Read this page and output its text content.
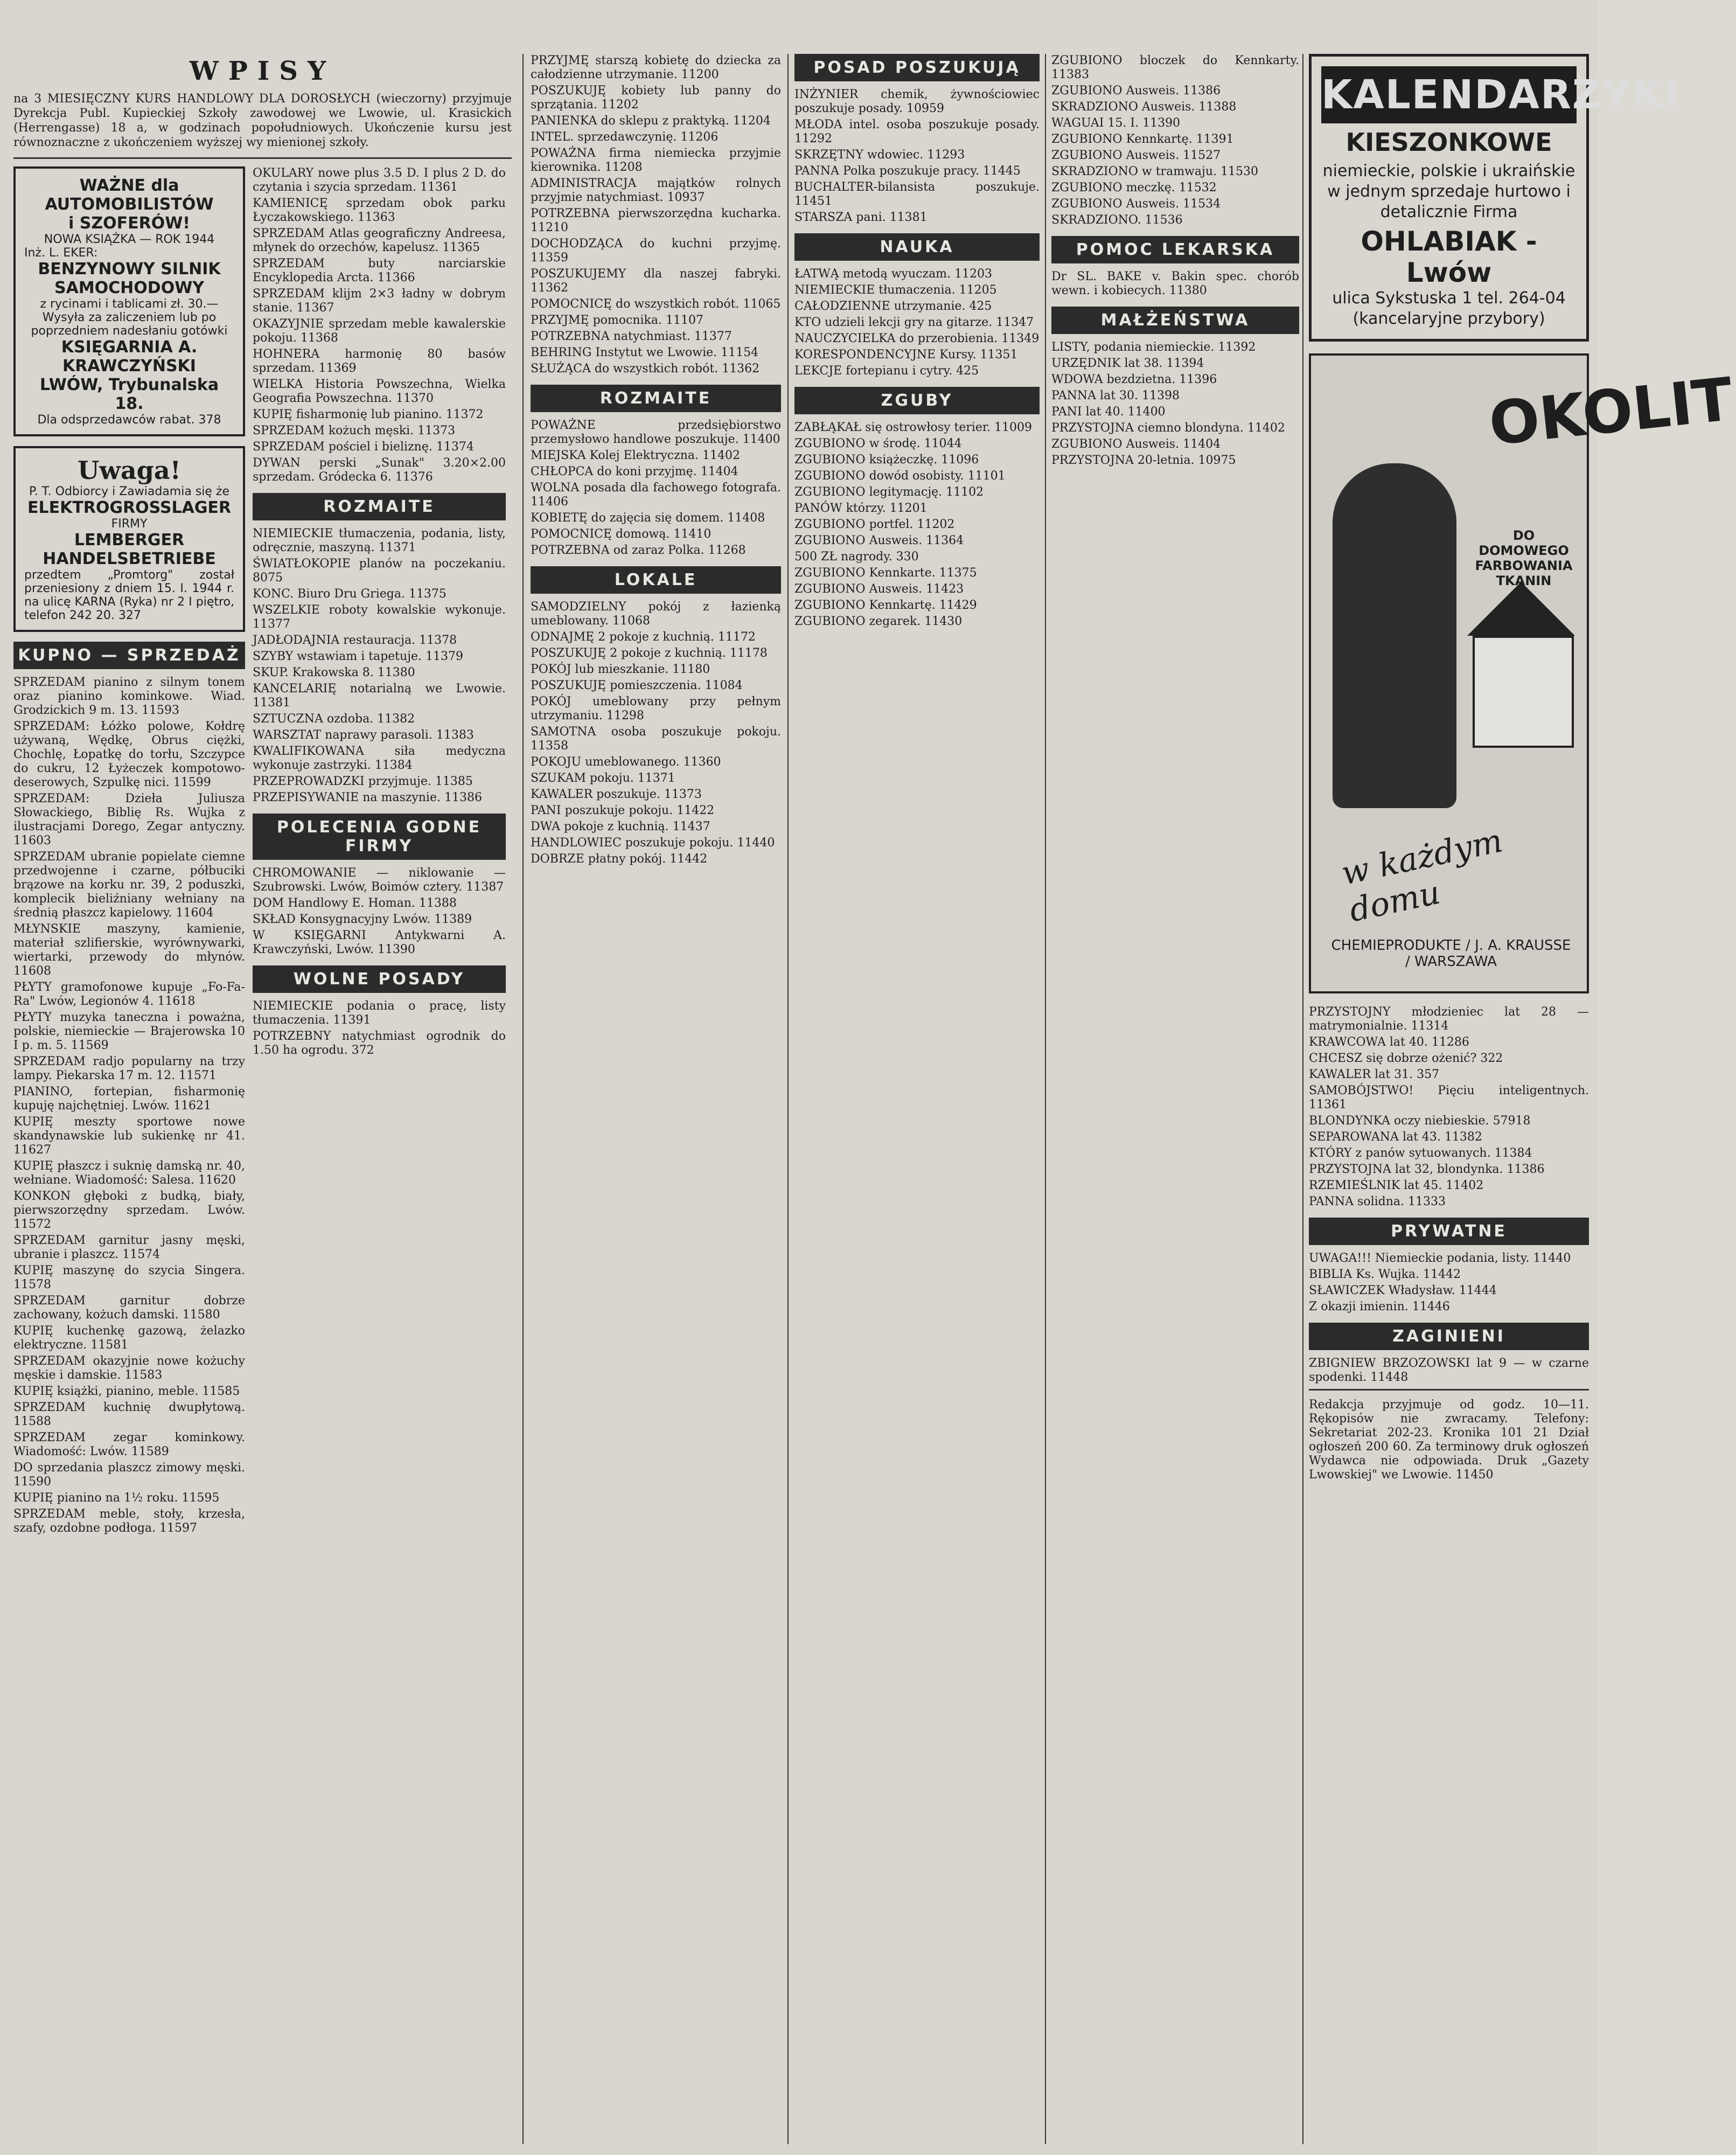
WPISY
na 3 MIESIĘCZNY KURS HANDLOWY DLA DOROSŁYCH (wieczorny) przyjmuje Dyrekcja Publ. Kupieckiej Szkoły zawodowej we Lwowie, ul. Krasickich (Herrengasse) 18 a, w godzinach popołudniowych. Ukończenie kursu jest równoznaczne z ukończeniem wyższej wy mienionej szkoły.
WAŻNE dla AUTOMOBILISTÓW
i SZOFERÓW!
NOWA KSIĄŻKA — ROK 1944
Inż. L. EKER:
BENZYNOWY SILNIK SAMOCHODOWY
z rycinami i tablicami zł. 30.— Wysyła za zaliczeniem lub po poprzedniem nadesłaniu gotówki
KSIĘGARNIA A. KRAWCZYŃSKI
LWÓW, Trybunalska 18.
Dla odsprzedawców rabat. 378
Uwaga!
P. T. Odbiorcy i Zawiadamia się że
ELEKTROGROSSLAGER
FIRMY
LEMBERGER HANDELSBETRIEBE
przedtem „Promtorg" został przeniesiony z dniem 15. I. 1944 r. na ulicę KARNA (Ryka) nr 2 I piętro, telefon 242 20. 327
KUPNO — SPRZEDAŻ

SPRZEDAM pianino z silnym tonem oraz pianino kominkowe. Wiad. Grodzickich 9 m. 13. 11593

SPRZEDAM: Łóżko polowe, Kołdrę używaną, Wędkę, Obrus ciężki, Chochlę, Łopatkę do torłu, Szczypce do cukru, 12 Łyżeczek kompotowo-deserowych, Szpulkę nici. 11599

SPRZEDAM: Dzieła Juliusza Słowackiego, Biblię Rs. Wujka z ilustracjami Dorego, Zegar antyczny. 11603

SPRZEDAM ubranie popielate ciemne przedwojenne i czarne, półbuciki brązowe na korku nr. 39, 2 poduszki, komplecik bieliźniany wełniany na średnią płaszcz kapielowy. 11604

MŁYNSKIE maszyny, kamienie, materiał szlifierskie, wyrównywarki, wiertarki, przewody do młynów. 11608

PŁYTY gramofonowe kupuje „Fo-Fa-Ra" Lwów, Legionów 4. 11618

PŁYTY muzyka taneczna i poważna, polskie, niemieckie — Brajerowska 10 I p. m. 5. 11569

SPRZEDAM radjo popularny na trzy lampy. Piekarska 17 m. 12. 11571

PIANINO, fortepian, fisharmonię kupuję najchętniej. Lwów. 11621

KUPIĘ meszty sportowe nowe skandynawskie lub sukienkę nr 41. 11627

KUPIĘ płaszcz i suknię damską nr. 40, wełniane. Wiadomość: Salesa. 11620

KONKON głęboki z budką, biały, pierwszorzędny sprzedam. Lwów. 11572

SPRZEDAM garnitur jasny męski, ubranie i plaszcz. 11574

KUPIĘ maszynę do szycia Singera. 11578

SPRZEDAM garnitur dobrze zachowany, kożuch damski. 11580

KUPIĘ kuchenkę gazową, żelazko elektryczne. 11581

SPRZEDAM okazyjnie nowe kożuchy męskie i damskie. 11583

KUPIĘ książki, pianino, meble. 11585

SPRZEDAM kuchnię dwupłytową. 11588

SPRZEDAM zegar kominkowy. Wiadomość: Lwów. 11589

DO sprzedania plaszcz zimowy męski. 11590

KUPIĘ pianino na 1½ roku. 11595

SPRZEDAM meble, stoły, krzesła, szafy, ozdobne podłoga. 11597

OKULARY nowe plus 3.5 D. I plus 2 D. do czytania i szycia sprzedam. 11361

KAMIENICĘ sprzedam obok parku Łyczakowskiego. 11363

SPRZEDAM Atlas geograficzny Andreesa, młynek do orzechów, kapelusz. 11365

SPRZEDAM buty narciarskie Encyklopedia Arcta. 11366

SPRZEDAM klijm 2×3 ładny w dobrym stanie. 11367

OKAZYJNIE sprzedam meble kawalerskie pokoju. 11368

HOHNERA harmonię 80 basów sprzedam. 11369

WIELKA Historia Powszechna, Wielka Geografia Powszechna. 11370

KUPIĘ fisharmonię lub pianino. 11372

SPRZEDAM kożuch męski. 11373

SPRZEDAM pościel i bieliznę. 11374

DYWAN perski „Sunak" 3.20×2.00 sprzedam. Gródecka 6. 11376

ROZMAITE

NIEMIECKIE tłumaczenia, podania, listy, odręcznie, maszyną. 11371

ŚWIATŁOKOPIE planów na poczekaniu. 8075

KONC. Biuro Dru Griega. 11375

WSZELKIE roboty kowalskie wykonuje. 11377

JADŁODAJNIA restauracja. 11378

SZYBY wstawiam i tapetuje. 11379

SKUP. Krakowska 8. 11380

KANCELARIĘ notarialną we Lwowie. 11381

SZTUCZNA ozdoba. 11382

WARSZTAT naprawy parasoli. 11383

KWALIFIKOWANA siła medyczna wykonuje zastrzyki. 11384

PRZEPROWADZKI przyjmuje. 11385

PRZEPISYWANIE na maszynie. 11386

POLECENIA GODNE FIRMY

CHROMOWANIE — niklowanie — Szubrowski. Lwów, Boimów cztery. 11387

DOM Handlowy E. Homan. 11388

SKŁAD Konsygnacyjny Lwów. 11389

W KSIĘGARNI Antykwarni A. Krawczyński, Lwów. 11390

WOLNE POSADY

NIEMIECKIE podania o pracę, listy tłumaczenia. 11391

POTRZEBNY natychmiast ogrodnik do 1.50 ha ogrodu. 372

PRZYJMĘ starszą kobietę do dziecka za całodzienne utrzymanie. 11200

POSZUKUJĘ kobiety lub panny do sprzątania. 11202

PANIENKA do sklepu z praktyką. 11204

INTEL. sprzedawczynię. 11206

POWAŻNA firma niemiecka przyjmie kierownika. 11208

ADMINISTRACJA majątków rolnych przyjmie natychmiast. 10937

POTRZEBNA pierwszorzędna kucharka. 11210

DOCHODZĄCA do kuchni przyjmę. 11359

POSZUKUJEMY dla naszej fabryki. 11362

POMOCNICĘ do wszystkich robót. 11065

PRZYJMĘ pomocnika. 11107

POTRZEBNA natychmiast. 11377

BEHRING Instytut we Lwowie. 11154

SŁUŻĄCA do wszystkich robót. 11362

ROZMAITE

POWAŻNE przedsiębiorstwo przemysłowo handlowe poszukuje. 11400

MIEJSKA Kolej Elektryczna. 11402

CHŁOPCA do koni przyjmę. 11404

WOLNA posada dla fachowego fotografa. 11406

KOBIETĘ do zajęcia się domem. 11408

POMOCNICĘ domową. 11410

POTRZEBNA od zaraz Polka. 11268

LOKALE

SAMODZIELNY pokój z łazienką umeblowany. 11068

ODNAJMĘ 2 pokoje z kuchnią. 11172

POSZUKUJĘ 2 pokoje z kuchnią. 11178

POKÓJ lub mieszkanie. 11180

POSZUKUJĘ pomieszczenia. 11084

POKÓJ umeblowany przy pełnym utrzymaniu. 11298

SAMOTNA osoba poszukuje pokoju. 11358

POKOJU umeblowanego. 11360

SZUKAM pokoju. 11371

KAWALER poszukuje. 11373

PANI poszukuje pokoju. 11422

DWA pokoje z kuchnią. 11437

HANDLOWIEC poszukuje pokoju. 11440

DOBRZE płatny pokój. 11442

POSAD POSZUKUJĄ

INŻYNIER chemik, żywnościowiec poszukuje posady. 10959

MŁODA intel. osoba poszukuje posady. 11292

SKRZĘTNY wdowiec. 11293

PANNA Polka poszukuje pracy. 11445

BUCHALTER-bilansista poszukuje. 11451

STARSZA pani. 11381

NAUKA

ŁATWĄ metodą wyuczam. 11203

NIEMIECKIE tłumaczenia. 11205

CAŁODZIENNE utrzymanie. 425

KTO udzieli lekcji gry na gitarze. 11347

NAUCZYCIELKA do przerobienia. 11349

KORESPONDENCYJNE Kursy. 11351

LEKCJE fortepianu i cytry. 425

ZGUBY

ZABŁĄKAŁ się ostrowłosy terier. 11009

ZGUBIONO w środę. 11044

ZGUBIONO książeczkę. 11096

ZGUBIONO dowód osobisty. 11101

ZGUBIONO legitymację. 11102

PANÓW którzy. 11201

ZGUBIONO portfel. 11202

ZGUBIONO Ausweis. 11364

500 ZŁ nagrody. 330

ZGUBIONO Kennkarte. 11375

ZGUBIONO Ausweis. 11423

ZGUBIONO Kennkartę. 11429

ZGUBIONO zegarek. 11430

ZGUBIONO bloczek do Kennkarty. 11383

ZGUBIONO Ausweis. 11386

SKRADZIONO Ausweis. 11388

WAGUAI 15. I. 11390

ZGUBIONO Kennkartę. 11391

ZGUBIONO Ausweis. 11527

SKRADZIONO w tramwaju. 11530

ZGUBIONO meczkę. 11532

ZGUBIONO Ausweis. 11534

SKRADZIONO. 11536

POMOC LEKARSKA

Dr SL. BAKE v. Bakin spec. chorób wewn. i kobiecych. 11380

MAŁŻEŃSTWA

LISTY, podania niemieckie. 11392

URZĘDNIK lat 38. 11394

WDOWA bezdzietna. 11396

PANNA lat 30. 11398

PANI lat 40. 11400

PRZYSTOJNA ciemno blondyna. 11402

ZGUBIONO Ausweis. 11404

PRZYSTOJNA 20-letnia. 10975

KALENDARZYKI
KIESZONKOWE
niemieckie, polskie i ukraińskie w jednym sprzedaje hurtowo i detalicznie Firma
OHLABIAK - Lwów
ulica Sykstuska 1 tel. 264-04 (kancelaryjne przybory)
OKOLIT
DO DOMOWEGO FARBOWANIA TKANIN
w każdym domu
CHEMIEPRODUKTE / J. A. KRAUSSE / WARSZAWA

PRZYSTOJNY młodzieniec lat 28 — matrymonialnie. 11314

KRAWCOWA lat 40. 11286

CHCESZ się dobrze ożenić? 322

KAWALER lat 31. 357

SAMOBÓJSTWO! Pięciu inteligentnych. 11361

BLONDYNKA oczy niebieskie. 57918

SEPAROWANA lat 43. 11382

KTÓRY z panów sytuowanych. 11384

PRZYSTOJNA lat 32, blondynka. 11386

RZEMIEŚLNIK lat 45. 11402

PANNA solidna. 11333

PRYWATNE

UWAGA!!! Niemieckie podania, listy. 11440

BIBLIA Ks. Wujka. 11442

SŁAWICZEK Władysław. 11444

Z okazji imienin. 11446

ZAGINIENI

ZBIGNIEW BRZOZOWSKI lat 9 — w czarne spodenki. 11448

Redakcja przyjmuje od godz. 10—11. Rękopisów nie zwracamy. Telefony: Sekretariat 202-23. Kronika 101 21 Dział ogłoszeń 200 60. Za terminowy druk ogłoszeń Wydawca nie odpowiada. Druk „Gazety Lwowskiej" we Lwowie. 11450
